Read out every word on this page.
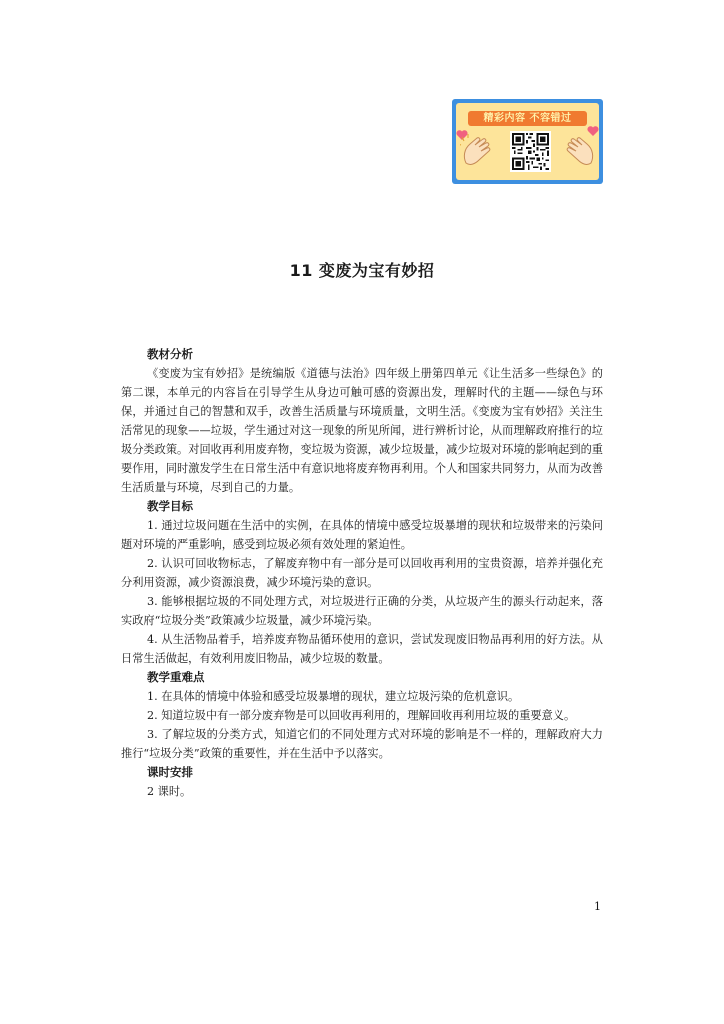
精彩内容 不容错过
11 变废为宝有妙招

教材分析

《变废为宝有妙招》是统编版《道德与法治》四年级上册第四单元《让生活多一些绿色》的第二课，本单元的内容旨在引导学生从身边可触可感的资源出发，理解时代的主题——绿色与环保，并通过自己的智慧和双手，改善生活质量与环境质量，文明生活。《变废为宝有妙招》关注生活常见的现象——垃圾，学生通过对这一现象的所见所闻，进行辨析讨论，从而理解政府推行的垃圾分类政策。对回收再利用废弃物，变垃圾为资源，减少垃圾量，减少垃圾对环境的影响起到的重要作用，同时激发学生在日常生活中有意识地将废弃物再利用。个人和国家共同努力，从而为改善生活质量与环境，尽到自己的力量。

教学目标

1. 通过垃圾问题在生活中的实例，在具体的情境中感受垃圾暴增的现状和垃圾带来的污染问题对环境的严重影响，感受到垃圾必须有效处理的紧迫性。

2. 认识可回收物标志，了解废弃物中有一部分是可以回收再利用的宝贵资源，培养并强化充分利用资源，减少资源浪费，减少环境污染的意识。

3. 能够根据垃圾的不同处理方式，对垃圾进行正确的分类，从垃圾产生的源头行动起来，落实政府“垃圾分类”政策减少垃圾量，减少环境污染。

4. 从生活物品着手，培养废弃物品循环使用的意识，尝试发现废旧物品再利用的好方法。从日常生活做起，有效利用废旧物品，减少垃圾的数量。

教学重难点

1. 在具体的情境中体验和感受垃圾暴增的现状，建立垃圾污染的危机意识。

2. 知道垃圾中有一部分废弃物是可以回收再利用的，理解回收再利用垃圾的重要意义。

3. 了解垃圾的分类方式，知道它们的不同处理方式对环境的影响是不一样的，理解政府大力推行“垃圾分类”政策的重要性，并在生活中予以落实。

课时安排

2 课时。

1
